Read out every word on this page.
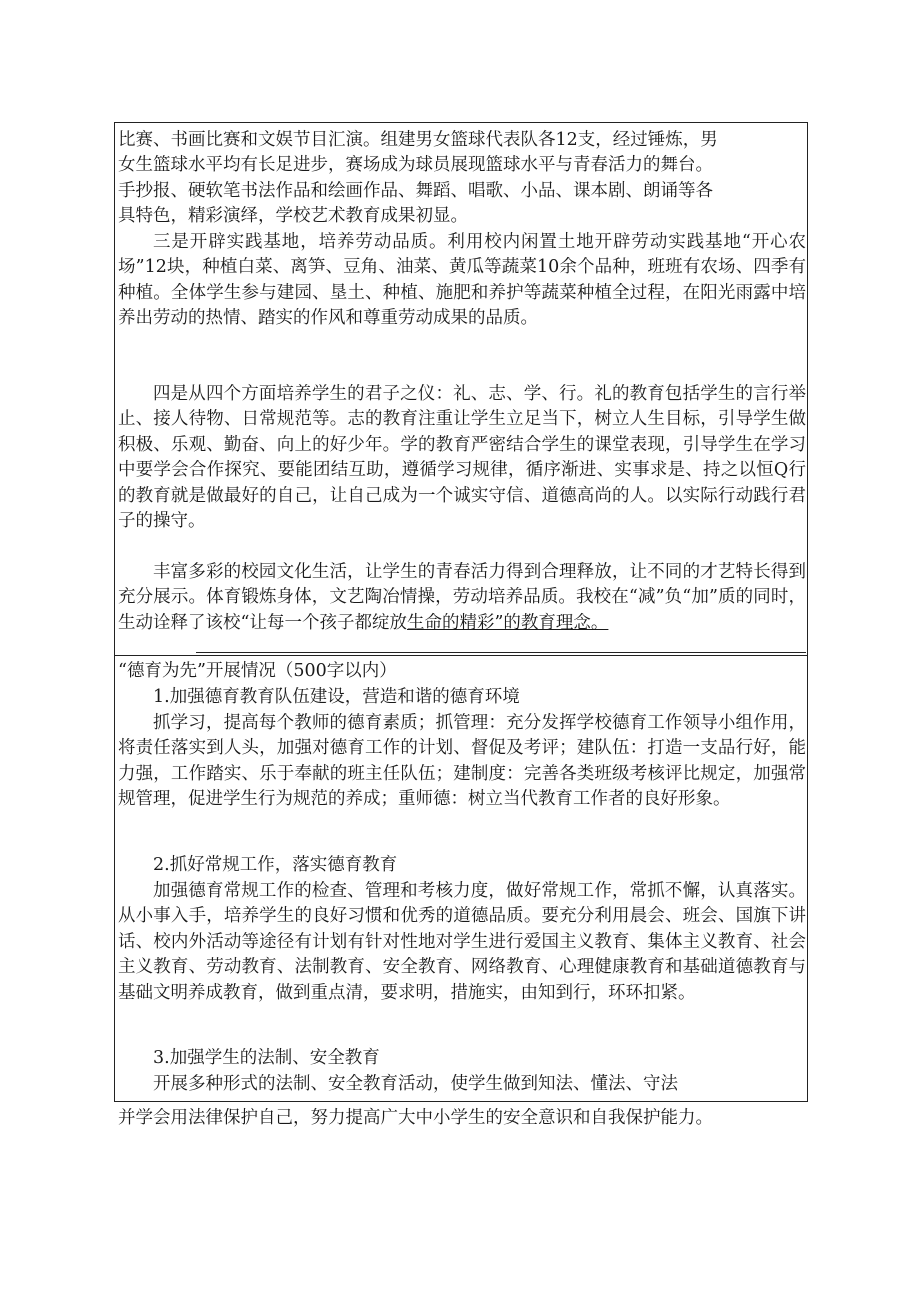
比赛、书画比赛和文娱节目汇演。组建男女篮球代表队各12支，经过锤炼，男
女生篮球水平均有长足进步，赛场成为球员展现篮球水平与青春活力的舞台。
手抄报、硬软笔书法作品和绘画作品、舞蹈、唱歌、小品、课本剧、朗诵等各
具特色，精彩演绎，学校艺术教育成果初显。
三是开辟实践基地，培养劳动品质。利用校内闲置土地开辟劳动实践基地“开心农场”12块，种植白菜、离笋、豆角、油菜、黄瓜等蔬菜10余个品种，班班有农场、四季有种植。全体学生参与建园、垦土、种植、施肥和养护等蔬菜种植全过程，在阳光雨露中培养出劳动的热情、踏实的作风和尊重劳动成果的品质。
四是从四个方面培养学生的君子之仪：礼、志、学、行。礼的教育包括学生的言行举止、接人待物、日常规范等。志的教育注重让学生立足当下，树立人生目标，引导学生做积极、乐观、勤奋、向上的好少年。学的教育严密结合学生的课堂表现，引导学生在学习中要学会合作探究、要能团结互助，遵循学习规律，循序渐进、实事求是、持之以恒Q行的教育就是做最好的自己，让自己成为一个诚实守信、道德高尚的人。以实际行动践行君子的操守。
丰富多彩的校园文化生活，让学生的青春活力得到合理释放，让不同的才艺特长得到充分展示。体育锻炼身体，文艺陶冶情操，劳动培养品质。我校在“减”负“加”质的同时，生动诠释了该校“让每一个孩子都绽放生命的精彩”的教育理念。
“德育为先”开展情况（500字以内）
1.加强德育教育队伍建设，营造和谐的德育环境
抓学习，提高每个教师的德育素质；抓管理：充分发挥学校德育工作领导小组作用，将责任落实到人头，加强对德育工作的计划、督促及考评；建队伍：打造一支品行好，能力强，工作踏实、乐于奉献的班主任队伍；建制度：完善各类班级考核评比规定，加强常规管理，促进学生行为规范的养成；重师德：树立当代教育工作者的良好形象。
2.抓好常规工作，落实德育教育
加强德育常规工作的检查、管理和考核力度，做好常规工作，常抓不懈，认真落实。从小事入手，培养学生的良好习惯和优秀的道德品质。要充分利用晨会、班会、国旗下讲话、校内外活动等途径有计划有针对性地对学生进行爱国主义教育、集体主义教育、社会主义教育、劳动教育、法制教育、安全教育、网络教育、心理健康教育和基础道德教育与基础文明养成教育，做到重点清，要求明，措施实，由知到行，环环扣紧。
3.加强学生的法制、安全教育
开展多种形式的法制、安全教育活动，使学生做到知法、懂法、守法
并学会用法律保护自己，努力提高广大中小学生的安全意识和自我保护能力。
